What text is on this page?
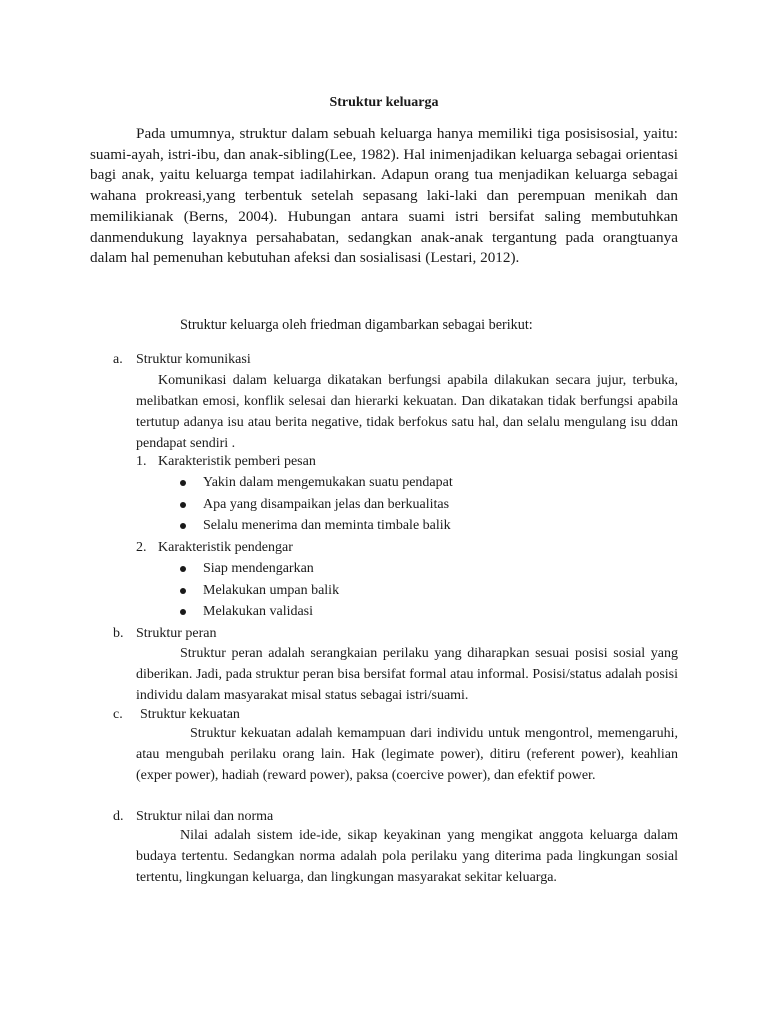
Struktur keluarga

Pada umumnya, struktur dalam sebuah keluarga hanya memiliki tiga posisisosial, yaitu: suami-ayah, istri-ibu, dan anak-sibling(Lee, 1982). Hal inimenjadikan keluarga sebagai orientasi bagi anak, yaitu keluarga tempat iadilahirkan. Adapun orang tua menjadikan keluarga sebagai wahana prokreasi,yang terbentuk setelah sepasang laki-laki dan perempuan menikah dan memilikianak (Berns, 2004). Hubungan antara suami istri bersifat saling membutuhkan danmendukung layaknya persahabatan, sedangkan anak-anak tergantung pada orangtuanya dalam hal pemenuhan kebutuhan afeksi dan sosialisasi (Lestari, 2012).

Struktur keluarga oleh friedman digambarkan sebagai berikut:
a. Struktur komunikasi

Komunikasi dalam keluarga dikatakan berfungsi apabila dilakukan secara jujur, terbuka, melibatkan emosi, konflik selesai dan hierarki kekuatan. Dan dikatakan tidak berfungsi apabila tertutup adanya isu atau berita negative, tidak berfokus satu hal, dan selalu mengulang isu ddan pendapat sendiri .

1. Karakteristik pemberi pesan
Yakin dalam mengemukakan suatu pendapat
Apa yang disampaikan jelas dan berkualitas
Selalu menerima dan meminta timbale balik
2. Karakteristik pendengar
Siap mendengarkan
Melakukan umpan balik
Melakukan validasi
b. Struktur peran

Struktur peran adalah serangkaian perilaku yang diharapkan sesuai posisi sosial yang diberikan. Jadi, pada struktur peran bisa bersifat formal atau informal. Posisi/status adalah posisi individu dalam masyarakat misal status sebagai istri/suami.

c. Struktur kekuatan

Struktur kekuatan adalah kemampuan dari individu untuk mengontrol, memengaruhi, atau mengubah perilaku orang lain. Hak (legimate power), ditiru (referent power), keahlian (exper power), hadiah (reward power), paksa (coercive power), dan efektif power.

d. Struktur nilai dan norma

Nilai adalah sistem ide-ide, sikap keyakinan yang mengikat anggota keluarga dalam budaya tertentu. Sedangkan norma adalah pola perilaku yang diterima pada lingkungan sosial tertentu, lingkungan keluarga, dan lingkungan masyarakat sekitar keluarga.
